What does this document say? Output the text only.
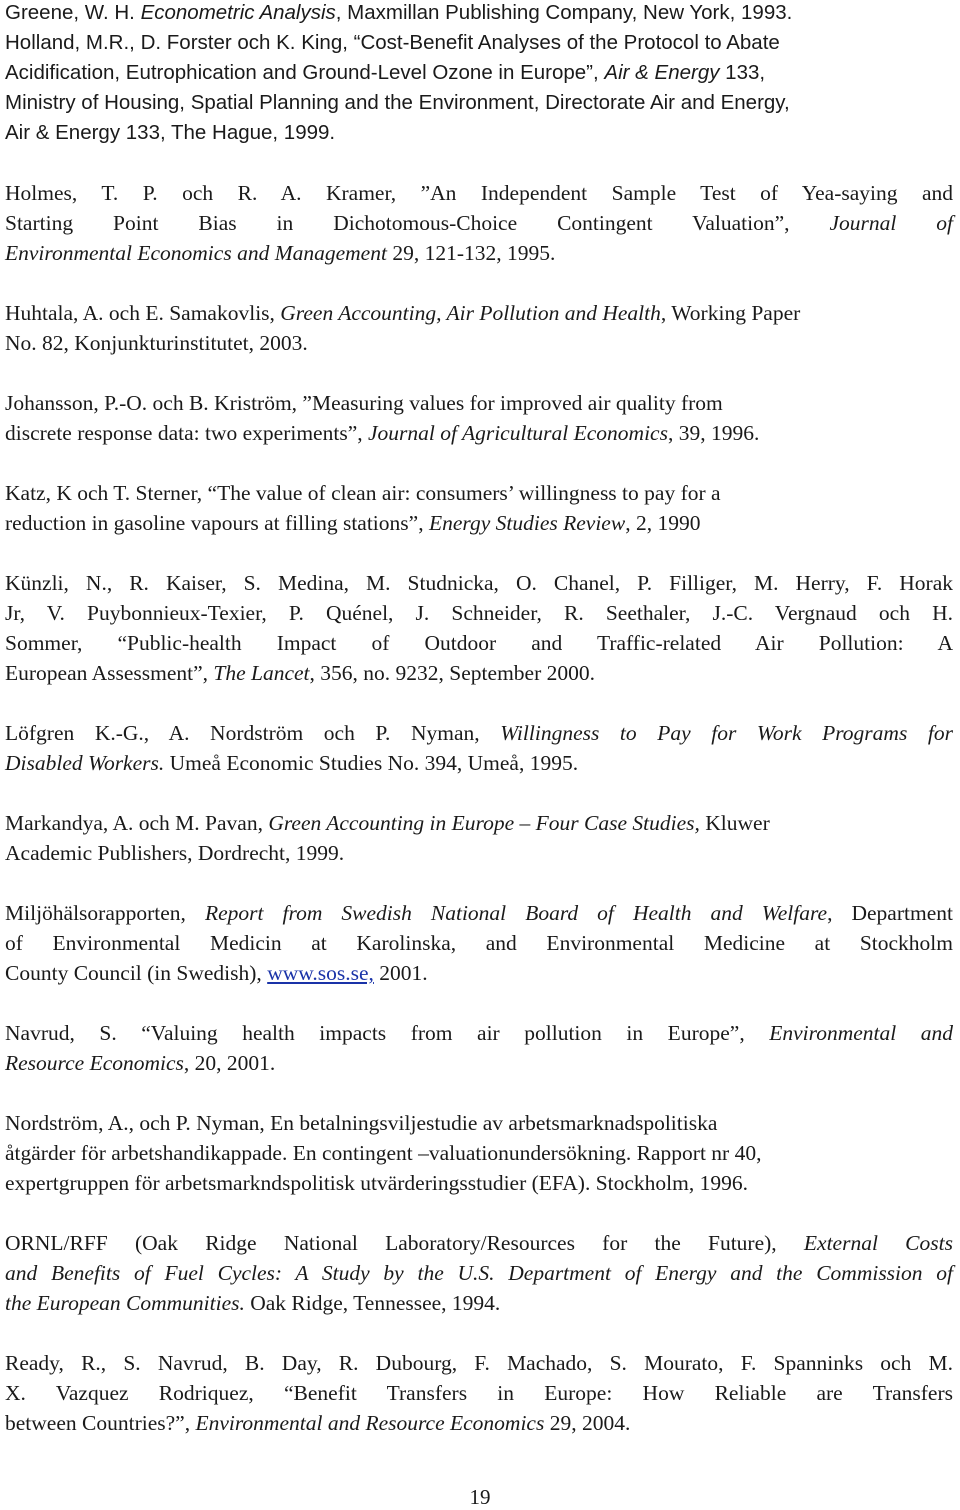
Greene, W. H. Econometric Analysis, Maxmillan Publishing Company, New York, 1993.
Holland, M.R., D. Forster och K. King, “Cost-Benefit Analyses of the Protocol to Abate
Acidification, Eutrophication and Ground-Level Ozone in Europe”, Air & Energy 133,
Ministry of Housing, Spatial Planning and the Environment, Directorate Air and Energy,
Air & Energy 133, The Hague, 1999.
Holmes, T. P. och R. A. Kramer, ”An Independent Sample Test of Yea-saying and
Starting Point Bias in Dichotomous-Choice Contingent Valuation”, Journal of
Environmental Economics and Management 29, 121-132, 1995.
Huhtala, A. och E. Samakovlis, Green Accounting, Air Pollution and Health, Working Paper
No. 82, Konjunkturinstitutet, 2003.
Johansson, P.-O. och B. Kriström, ”Measuring values for improved air quality from
discrete response data: two experiments”, Journal of Agricultural Economics, 39, 1996.
Katz, K och T. Sterner, “The value of clean air: consumers’ willingness to pay for a
reduction in gasoline vapours at filling stations”, Energy Studies Review, 2, 1990
Künzli, N., R. Kaiser, S. Medina, M. Studnicka, O. Chanel, P. Filliger, M. Herry, F. Horak
Jr, V. Puybonnieux-Texier, P. Quénel, J. Schneider, R. Seethaler, J.-C. Vergnaud och H.
Sommer, “Public-health Impact of Outdoor and Traffic-related Air Pollution: A
European Assessment”, The Lancet, 356, no. 9232, September 2000.
Löfgren K.-G., A. Nordström och P. Nyman, Willingness to Pay for Work Programs for
Disabled Workers. Umeå Economic Studies No. 394, Umeå, 1995.
Markandya, A. och M. Pavan, Green Accounting in Europe – Four Case Studies, Kluwer
Academic Publishers, Dordrecht, 1999.
Miljöhälsorapporten, Report from Swedish National Board of Health and Welfare, Department
of Environmental Medicin at Karolinska, and Environmental Medicine at Stockholm
County Council (in Swedish), www.sos.se, 2001.
Navrud, S. “Valuing health impacts from air pollution in Europe”, Environmental and
Resource Economics, 20, 2001.
Nordström, A., och P. Nyman, En betalningsviljestudie av arbetsmarknadspolitiska
åtgärder för arbetshandikappade. En contingent –valuationundersökning. Rapport nr 40,
expertgruppen för arbetsmarkndspolitisk utvärderingsstudier (EFA). Stockholm, 1996.
ORNL/RFF (Oak Ridge National Laboratory/Resources for the Future), External Costs
and Benefits of Fuel Cycles: A Study by the U.S. Department of Energy and the Commission of
the European Communities. Oak Ridge, Tennessee, 1994.
Ready, R., S. Navrud, B. Day, R. Dubourg, F. Machado, S. Mourato, F. Spanninks och M.
X. Vazquez Rodriquez, “Benefit Transfers in Europe: How Reliable are Transfers
between Countries?”, Environmental and Resource Economics 29, 2004.
19
